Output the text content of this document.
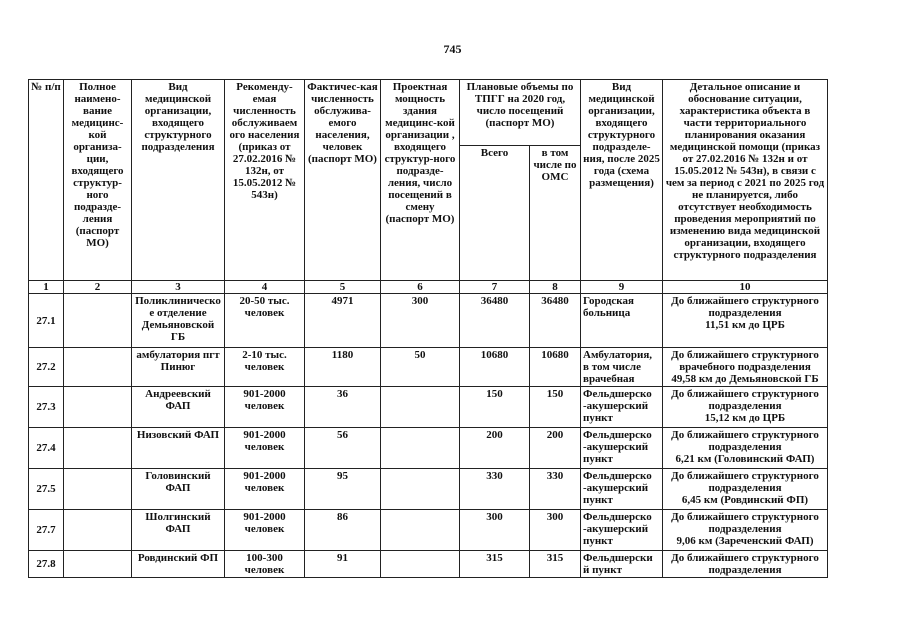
745
№ п/п	Полное наимено-вание медицинс-кой организа-ции, входящего структур-ного подразде-ления (паспорт МО)	Вид медицинской организации, входящего структурного подразделения	Рекоменду-емая численность обслуживаем ого населения (приказ от 27.02.2016 № 132н, от 15.05.2012 № 543н)	Фактичес-кая численность обслужива-емого населения, человек (паспорт МО)	Проектная мощность здания медицинс-кой организации , входящего структур-ного подразде-ления, число посещений в смену (паспорт МО)	Плановые объемы по ТПГГ на 2020 год, число посещений (паспорт МО)		Вид медицинской организации, входящего структурного подразделе-ния, после 2025 года (схема размещения)	Детальное описание и обоснование ситуации, характеристика объекта в части территориального планирования оказания медицинской помощи (приказ от 27.02.2016 № 132н и от 15.05.2012 № 543н), в связи с чем за период с 2021 по 2025 год не планируется, либо отсутствует необходимость проведения мероприятий по изменению вида медицинской организации, входящего структурного подразделения
						Всего	в том числе по ОМС		
1	2	3	4	5	6	7	8	9	10
27.1		Поликлиническо е отделение Демьяновской ГБ	20-50 тыс. человек	4971	300	36480	36480	Городская больница	До ближайшего структурного подразделения
11,51 км до ЦРБ
27.2		амбулатория пгт Пинюг	2-10 тыс. человек	1180	50	10680	10680	Амбулатория, в том числе врачебная	До ближайшего структурного врачебного подразделения
49,58 км до Демьяновской ГБ
27.3		Андреевский ФАП	901-2000 человек	36		150	150	Фельдшерско -акушерский пункт	До ближайшего структурного подразделения
15,12 км до ЦРБ
27.4		Низовский ФАП	901-2000 человек	56		200	200	Фельдшерско -акушерский пункт	До ближайшего структурного подразделения
6,21 км (Головинский ФАП)
27.5		Головинский ФАП	901-2000 человек	95		330	330	Фельдшерско -акушерский пункт	До ближайшего структурного подразделения
6,45 км (Ровдинский ФП)
27.7		Шолгинский ФАП	901-2000 человек	86		300	300	Фельдшерско -акушерский пункт	До ближайшего структурного подразделения
9,06 км (Зареченский ФАП)
27.8		Ровдинский ФП	100-300 человек	91		315	315	Фельдшерски й пункт	До ближайшего структурного подразделения
